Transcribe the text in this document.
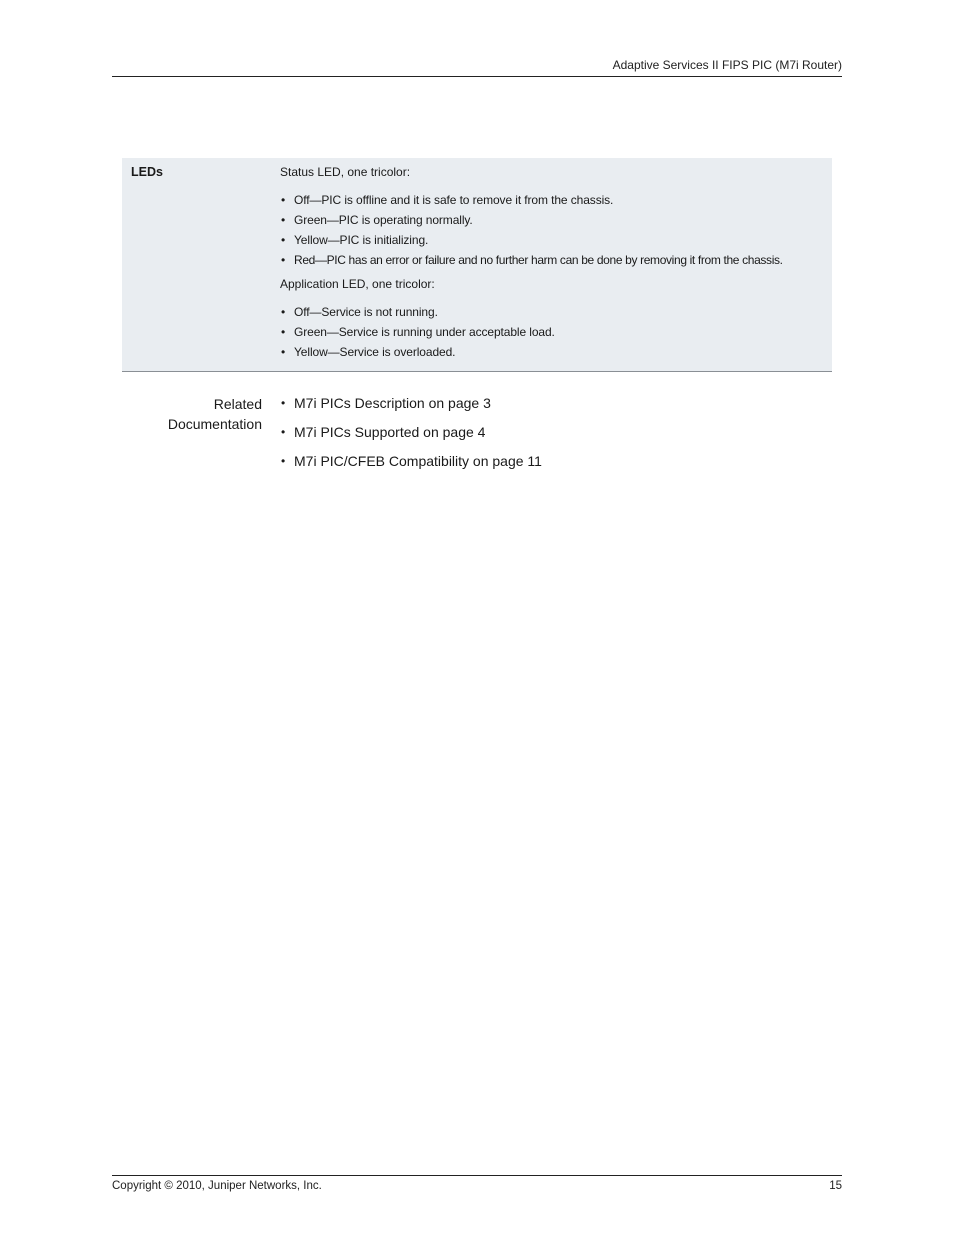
Adaptive Services II FIPS PIC (M7i Router)
LEDs	Status LED, one tricolor:

• Off—PIC is offline and it is safe to remove it from the chassis.
• Green—PIC is operating normally.
• Yellow—PIC is initializing.
• Red—PIC has an error or failure and no further harm can be done by removing it from the chassis.

Application LED, one tricolor:

• Off—Service is not running.
• Green—Service is running under acceptable load.
• Yellow—Service is overloaded.
Related
Documentation
• M7i PICs Description on page 3
• M7i PICs Supported on page 4
• M7i PIC/CFEB Compatibility on page 11
Copyright © 2010, Juniper Networks, Inc.	15
